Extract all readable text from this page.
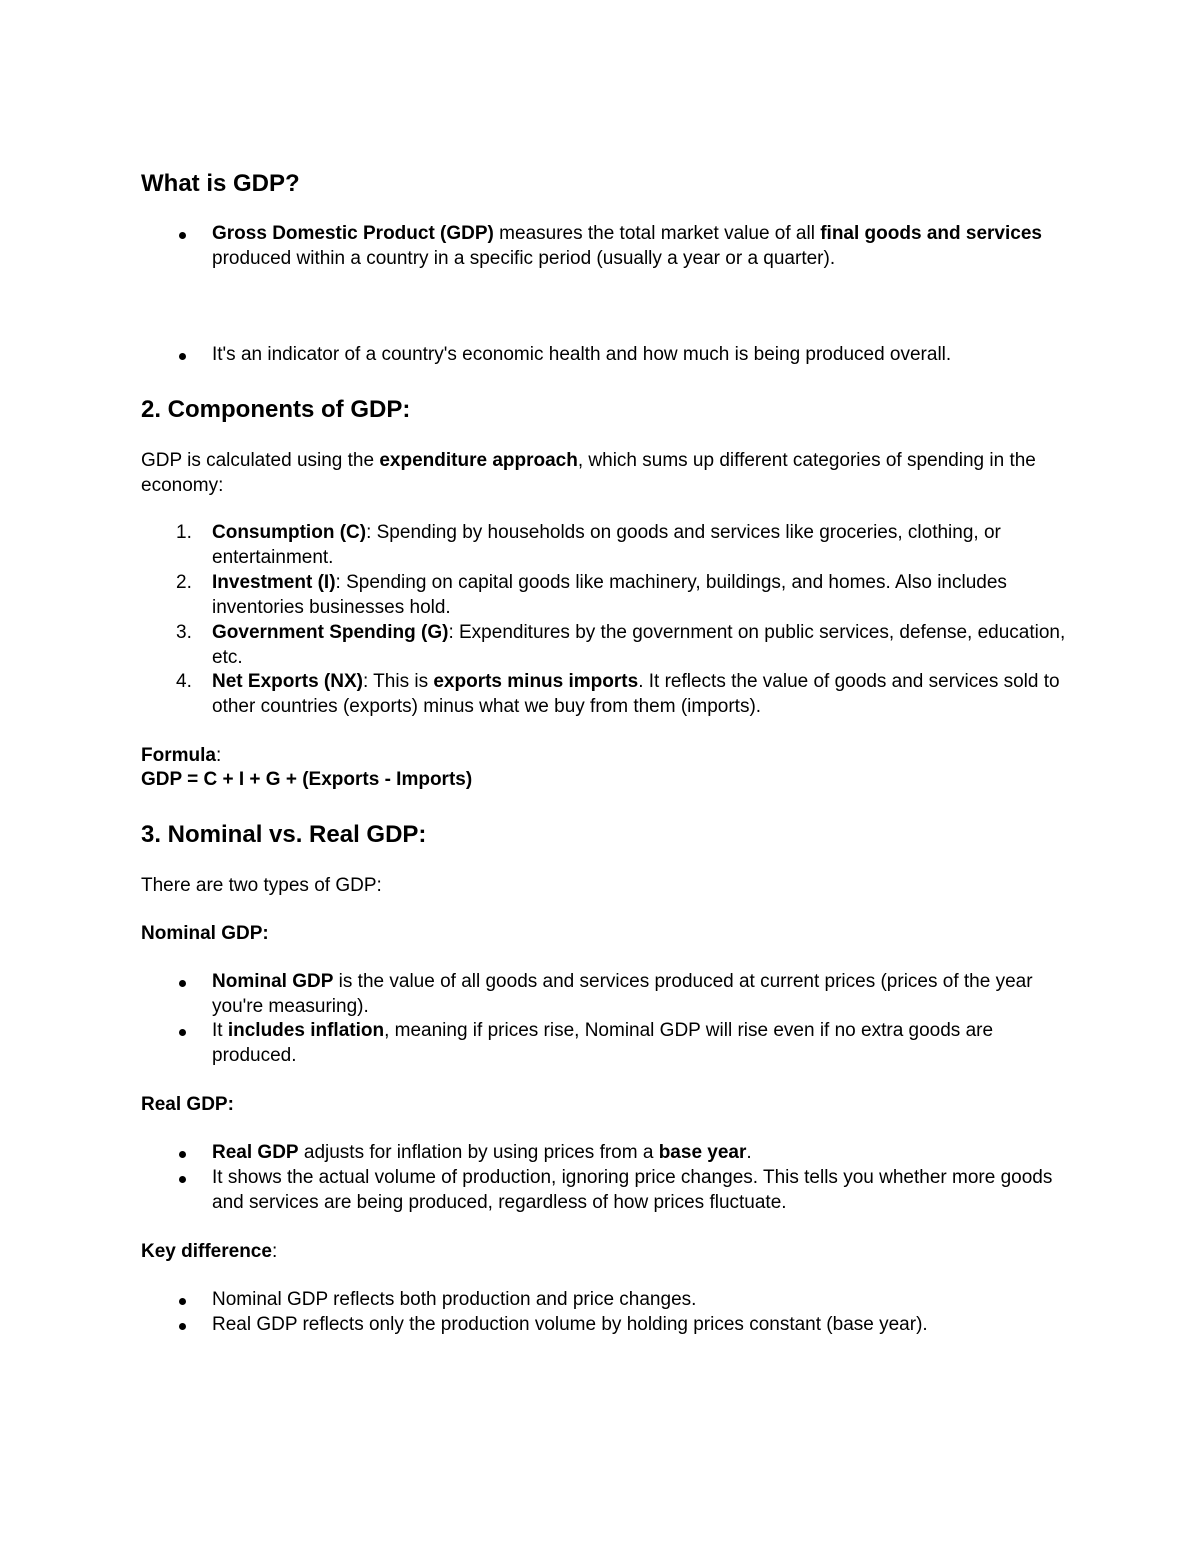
What is GDP?
Gross Domestic Product (GDP) measures the total market value of all final goods and services produced within a country in a specific period (usually a year or a quarter).
It's an indicator of a country's economic health and how much is being produced overall.
2. Components of GDP:
GDP is calculated using the expenditure approach, which sums up different categories of spending in the economy:
1. Consumption (C): Spending by households on goods and services like groceries, clothing, or entertainment.
2. Investment (I): Spending on capital goods like machinery, buildings, and homes. Also includes inventories businesses hold.
3. Government Spending (G): Expenditures by the government on public services, defense, education, etc.
4. Net Exports (NX): This is exports minus imports. It reflects the value of goods and services sold to other countries (exports) minus what we buy from them (imports).
Formula:
GDP = C + I + G + (Exports - Imports)
3. Nominal vs. Real GDP:
There are two types of GDP:
Nominal GDP:
Nominal GDP is the value of all goods and services produced at current prices (prices of the year you're measuring).
It includes inflation, meaning if prices rise, Nominal GDP will rise even if no extra goods are produced.
Real GDP:
Real GDP adjusts for inflation by using prices from a base year.
It shows the actual volume of production, ignoring price changes. This tells you whether more goods and services are being produced, regardless of how prices fluctuate.
Key difference:
Nominal GDP reflects both production and price changes.
Real GDP reflects only the production volume by holding prices constant (base year).
